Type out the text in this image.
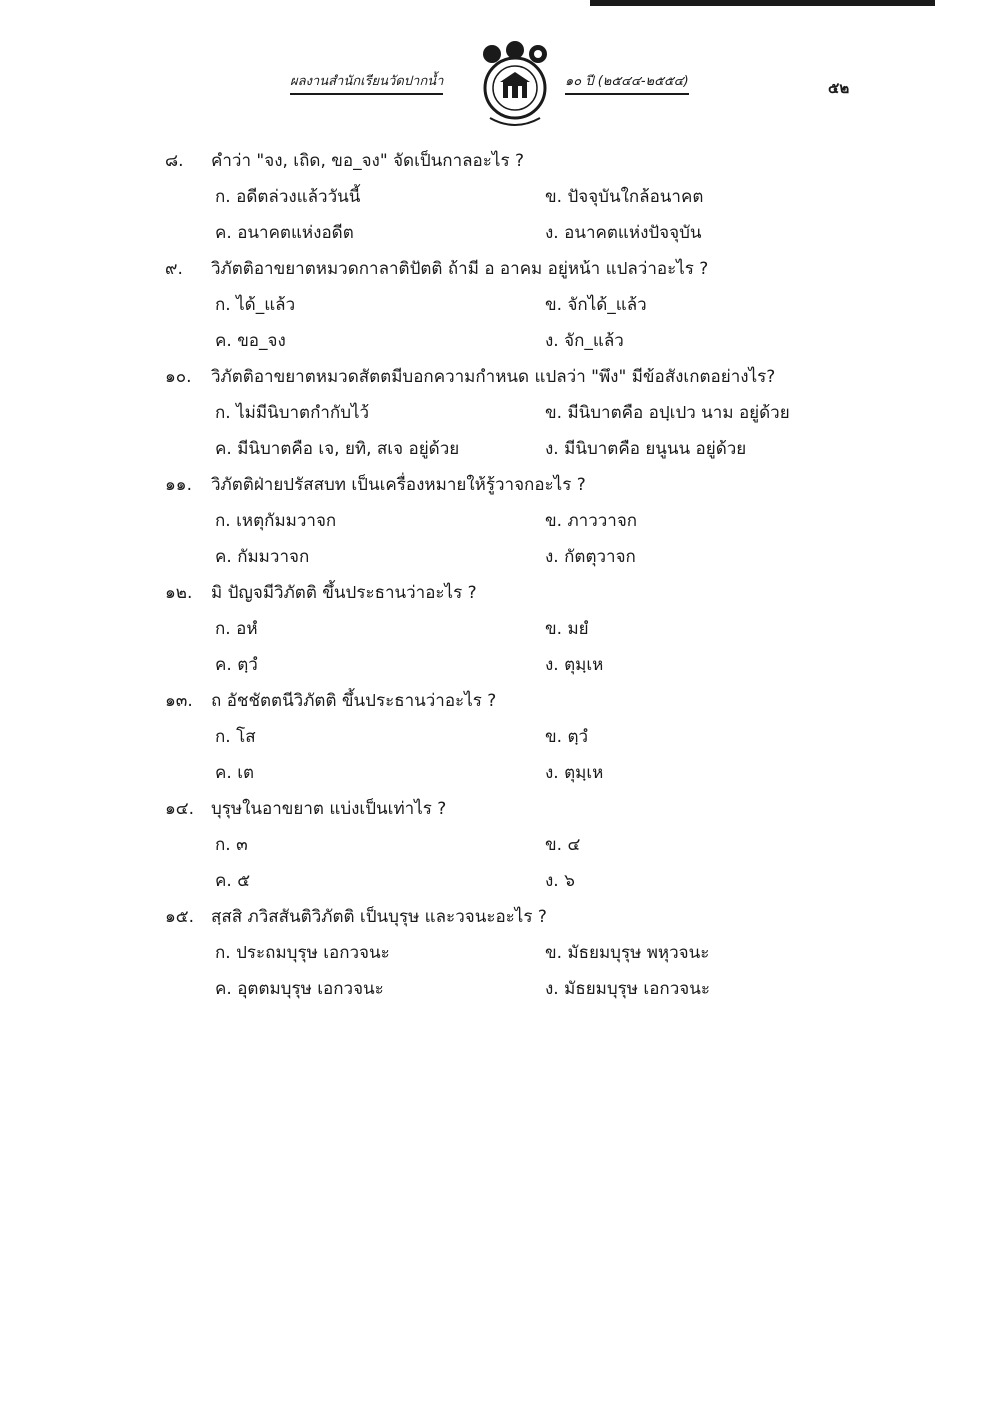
ผลงานสำนักเรียนวัดปากน้ำ	๑๐ ปี (๒๕๔๔-๒๕๕๔)	๕๒
๘.	คำว่า "จง, เถิด, ขอ_จง" จัดเป็นกาลอะไร ?
ก. อดีตล่วงแล้ววันนี้	ข. ปัจจุบันใกล้อนาคต
ค. อนาคตแห่งอดีต	ง. อนาคตแห่งปัจจุบัน
๙.	วิภัตติอาขยาตหมวดกาลาติปัตติ ถ้ามี อ อาคม อยู่หน้า แปลว่าอะไร ?
ก. ได้_แล้ว	ข. จักได้_แล้ว
ค. ขอ_จง	ง. จัก_แล้ว
๑๐.	วิภัตติอาขยาตหมวดสัตตมีบอกความกำหนด แปลว่า "พึง" มีข้อสังเกตอย่างไร?
ก. ไม่มีนิบาตกำกับไว้	ข. มีนิบาตคือ อปฺเปว นาม อยู่ด้วย
ค. มีนิบาตคือ เจ, ยทิ, สเจ อยู่ด้วย	ง. มีนิบาตคือ ยนูนน อยู่ด้วย
๑๑.	วิภัตติฝ่ายปรัสสบท เป็นเครื่องหมายให้รู้วาจกอะไร ?
ก. เหตุกัมมวาจก	ข. ภาววาจก
ค. กัมมวาจก	ง. กัตตุวาจก
๑๒.	มิ ปัญจมีวิภัตติ ขึ้นประธานว่าอะไร ?
ก. อหํ	ข. มยํ
ค. ตฺวํ	ง. ตุมฺเห
๑๓.	ถ อัชชัตตนีวิภัตติ ขึ้นประธานว่าอะไร ?
ก. โส	ข. ตฺวํ
ค. เต	ง. ตุมฺเห
๑๔. บุรุษในอาขยาต แบ่งเป็นเท่าไร ?
ก. ๓	ข. ๔
ค. ๕	ง. ๖
๑๕. สฺสสิ ภวิสสันติวิภัตติ เป็นบุรุษ และวจนะอะไร ?
ก. ประถมบุรุษ เอกวจนะ	ข. มัธยมบุรุษ พหุวจนะ
ค. อุตตมบุรุษ เอกวจนะ	ง. มัธยมบุรุษ เอกวจนะ
